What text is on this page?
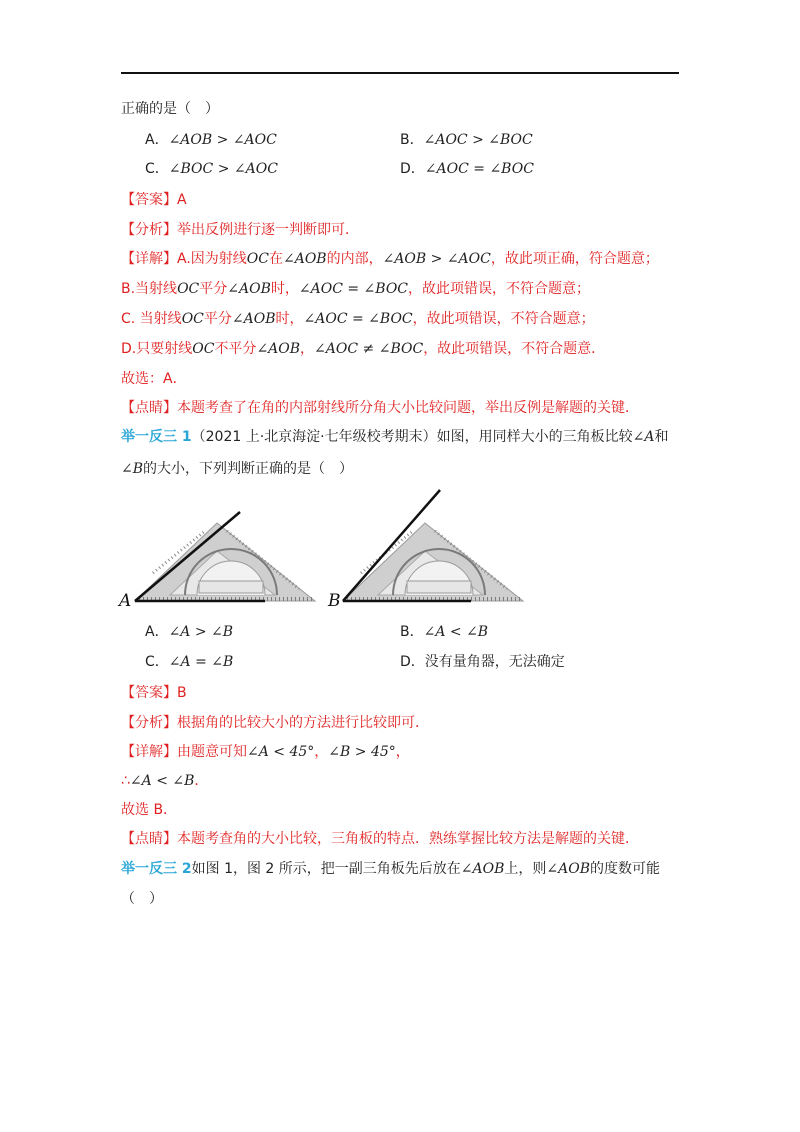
正确的是（　）
A．∠AOB > ∠AOC	B．∠AOC > ∠BOC
C．∠BOC > ∠AOC	D．∠AOC = ∠BOC
【答案】A
【分析】举出反例进行逐一判断即可．
【详解】A.因为射线OC在∠AOB的内部，∠AOB > ∠AOC，故此项正确，符合题意；
B.当射线OC平分∠AOB时，∠AOC = ∠BOC，故此项错误，不符合题意；
C. 当射线OC平分∠AOB时，∠AOC = ∠BOC，故此项错误，不符合题意；
D.只要射线OC不平分∠AOB，∠AOC ≠ ∠BOC，故此项错误，不符合题意．
故选：A．
【点睛】本题考查了在角的内部射线所分角大小比较问题，举出反例是解题的关键．
举一反三 1（2021 上·北京海淀·七年级校考期末）如图，用同样大小的三角板比较∠A和
∠B的大小，下列判断正确的是（　）
A	B
A．∠A > ∠B	B．∠A < ∠B
C．∠A = ∠B	D．没有量角器，无法确定
【答案】B
【分析】根据角的比较大小的方法进行比较即可．
【详解】由题意可知∠A < 45°，∠B > 45°，
∴∠A < ∠B．
故选 B．
【点睛】本题考查角的大小比较，三角板的特点．熟练掌握比较方法是解题的关键．
举一反三 2如图 1，图 2 所示，把一副三角板先后放在∠AOB上，则∠AOB的度数可能
（　）
